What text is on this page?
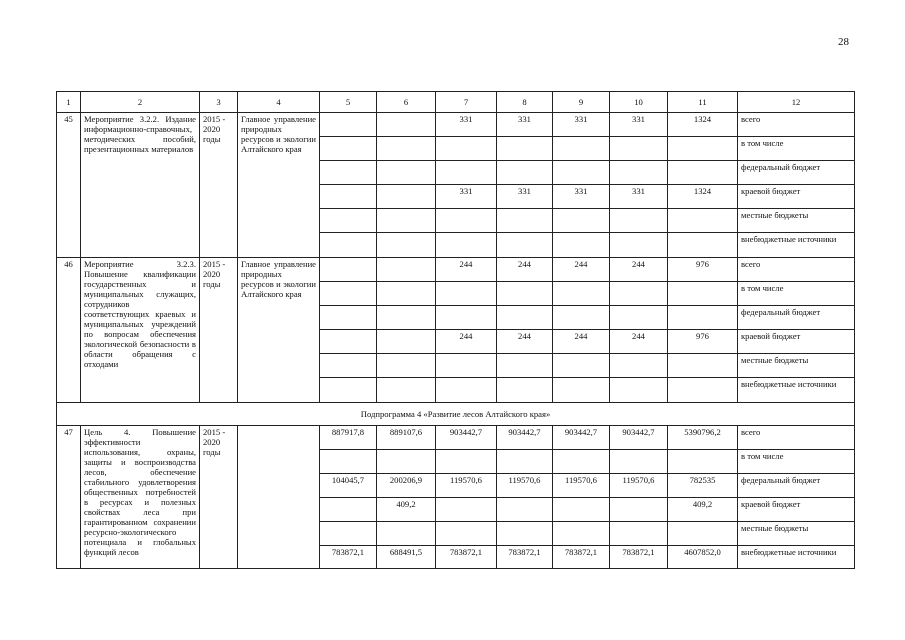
28
1	2	3	4	5	6	7	8	9	10	11	12
45	Мероприятие 3.2.2. Издание информационно-справочных, методических пособий, презентационных материалов	2015 - 2020 годы	Главное управление природных ресурсов и экологии Алтайского края			331	331	331	331	1324	всего
											в том числе
											федеральный бюджет
						331	331	331	331	1324	краевой бюджет
											местные бюджеты
											внебюджетные источники
46	Мероприятие 3.2.3. Повышение квалификации государственных и муниципальных служащих, сотрудников соответствующих краевых и муниципальных учреждений по вопросам обеспечения экологической безопасности в области обращения с отходами	2015 - 2020 годы	Главное управление природных ресурсов и экологии Алтайского края			244	244	244	244	976	всего
											в том числе
											федеральный бюджет
						244	244	244	244	976	краевой бюджет
											местные бюджеты
											внебюджетные источники
Подпрограмма 4 «Развитие лесов Алтайского края»											
47	Цель 4. Повышение эффективности использования, охраны, защиты и воспроизводства лесов, обеспечение стабильного удовлетворения общественных потребностей в ресурсах и полезных свойствах леса при гарантированном сохранении ресурсно-экологического потенциала и глобальных функций лесов	2015 - 2020 годы		887917,8	889107,6	903442,7	903442,7	903442,7	903442,7	5390796,2	всего
											в том числе
				104045,7	200206,9	119570,6	119570,6	119570,6	119570,6	782535	федеральный бюджет
					409,2					409,2	краевой бюджет
											местные бюджеты
				783872,1	688491,5	783872,1	783872,1	783872,1	783872,1	4607852,0	внебюджетные источники
